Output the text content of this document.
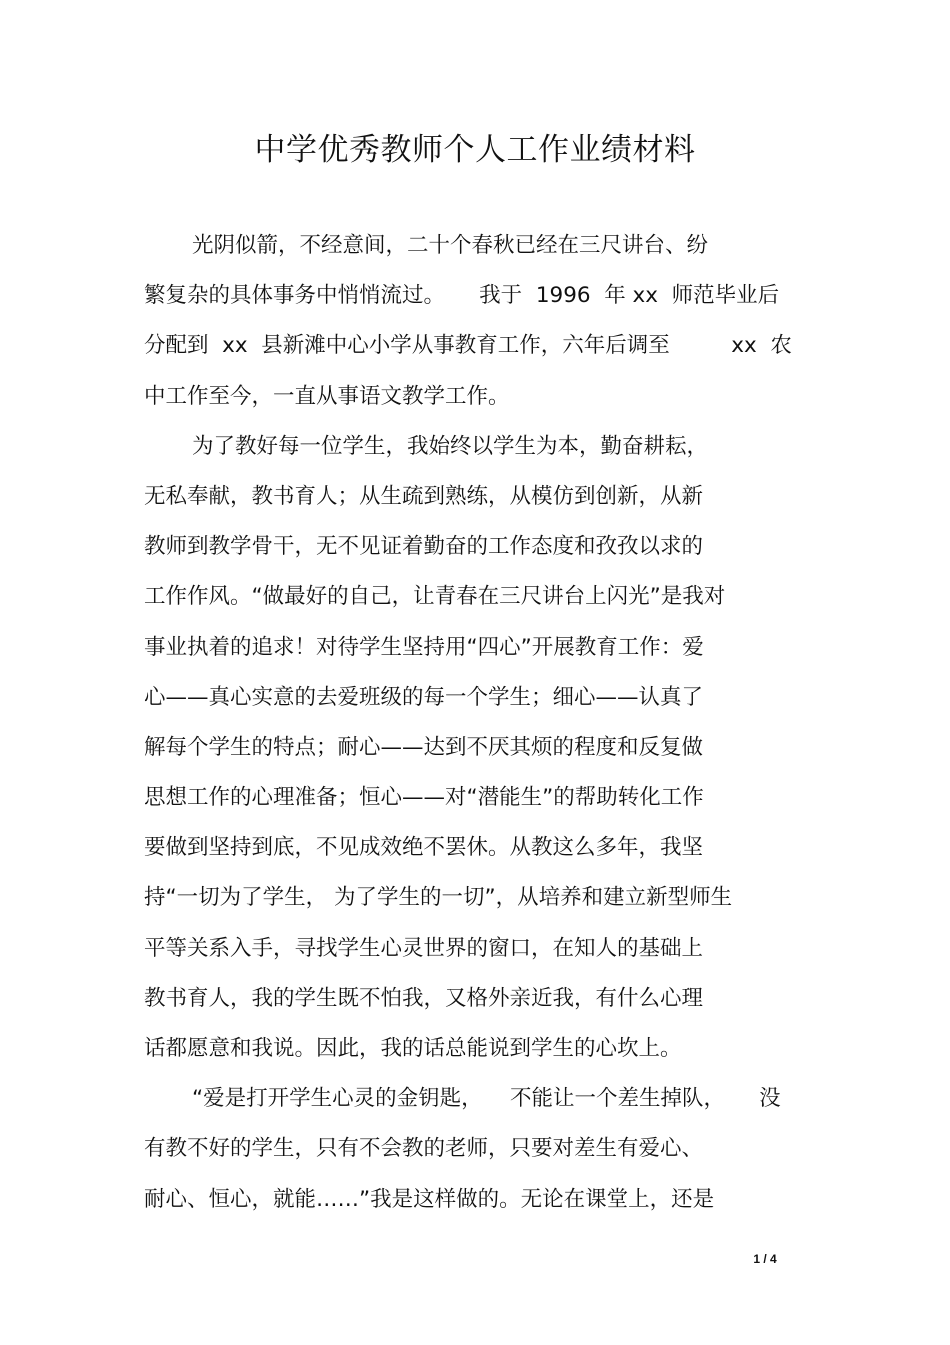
中学优秀教师个人工作业绩材料
光阴似箭，不经意间，二十个春秋已经在三尺讲台、纷
繁复杂的具体事务中悄悄流过。     我于  1996  年 xx  师范毕业后
分配到  xx  县新滩中心小学从事教育工作，六年后调至         xx  农
中工作至今，一直从事语文教学工作。
为了教好每一位学生，我始终以学生为本，勤奋耕耘，
无私奉献，教书育人；从生疏到熟练，从模仿到创新，从新
教师到教学骨干，无不见证着勤奋的工作态度和孜孜以求的
工作作风。“做最好的自己，让青春在三尺讲台上闪光”是我对
事业执着的追求！对待学生坚持用“四心”开展教育工作：爱
心——真心实意的去爱班级的每一个学生；细心——认真了
解每个学生的特点；耐心——达到不厌其烦的程度和反复做
思想工作的心理准备；恒心——对“潜能生”的帮助转化工作
要做到坚持到底，不见成效绝不罢休。从教这么多年，我坚
持“一切为了学生， 为了学生的一切”，从培养和建立新型师生
平等关系入手，寻找学生心灵世界的窗口，在知人的基础上
教书育人，我的学生既不怕我，又格外亲近我，有什么心理
话都愿意和我说。因此，我的话总能说到学生的心坎上。
“爱是打开学生心灵的金钥匙，    不能让一个差生掉队，     没
有教不好的学生，只有不会教的老师，只要对差生有爱心、
耐心、恒心，就能……”我是这样做的。无论在课堂上，还是
1 / 4
